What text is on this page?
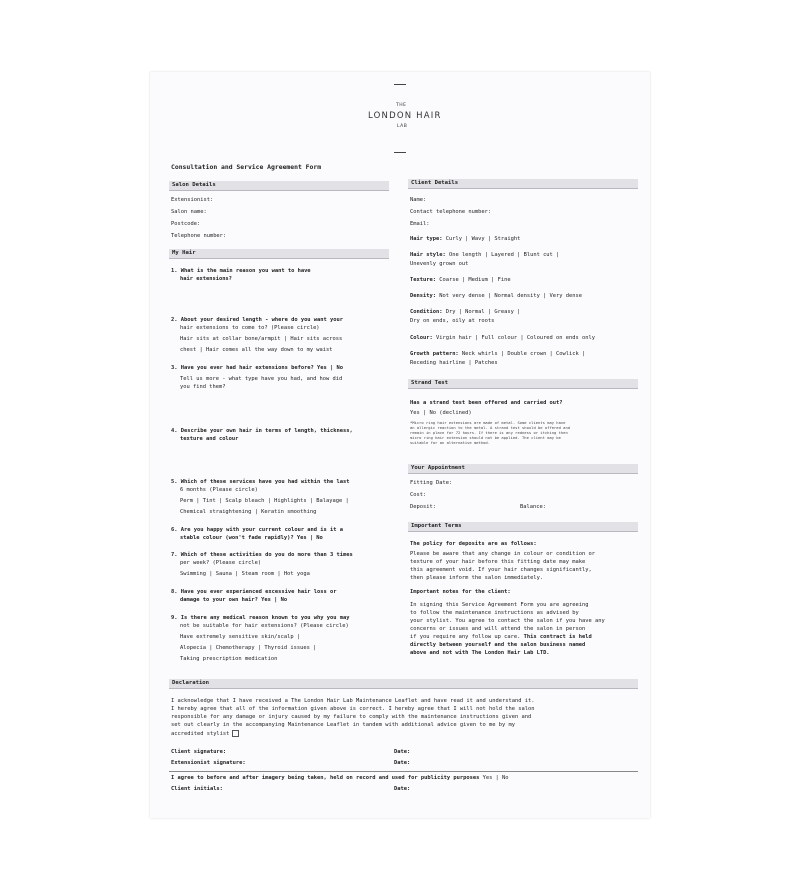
THE
LONDON HAIR
LAB
Consultation and Service Agreement Form
Salon Details
Extensionist:
Salon name:
Postcode:
Telephone number:
My Hair
1. What is the main reason you want to have
hair extensions?
2. About your desired length - where do you want your
hair extensions to come to? (Please circle)
Hair sits at collar bone/armpit | Hair sits across
chest | Hair comes all the way down to my waist
3. Have you ever had hair extensions before? Yes | No
Tell us more - what type have you had, and how did
you find them?
4. Describe your own hair in terms of length, thickness,
texture and colour
5. Which of these services have you had within the last
6 months (Please circle)
Perm | Tint | Scalp bleach | Highlights | Balayage |
Chemical straightening | Keratin smoothing
6. Are you happy with your current colour and is it a
stable colour (won't fade rapidly)? Yes | No
7. Which of these activities do you do more than 3 times
per week? (Please circle)
Swimming | Sauna | Steam room | Hot yoga
8. Have you ever experienced excessive hair loss or
damage to your own hair? Yes | No
9. Is there any medical reason known to you why you may
not be suitable for hair extensions? (Please circle)
Have extremely sensitive skin/scalp |
Alopecia | Chemotherapy | Thyroid issues |
Taking prescription medication
Client Details
Name:
Contact telephone number:
Email:
Hair type: Curly | Wavy | Straight
Hair style: One length | Layered | Blunt cut |
Unevenly grown out
Texture: Coarse | Medium | Fine
Density: Not very dense | Normal density | Very dense
Condition: Dry | Normal | Greasy |
Dry on ends, oily at roots
Colour: Virgin hair | Full colour | Coloured on ends only
Growth pattern: Neck whirls | Double crown | Cowlick |
Receding hairline | Patches
Strand Test
Has a strand test been offered and carried out?
Yes | No (declined)
*Micro ring hair extensions are made of metal. Some clients may have
an allergic reaction to the metal. A strand test should be offered and
remain in place for 72 hours. If there is any redness or itching then
micro ring hair extension should not be applied. The client may be
suitable for an alternative method.
Your Appointment
Fitting Date:
Cost:
Deposit:	Balance:
Important Terms
The policy for deposits are as follows:
Please be aware that any change in colour or condition or
texture of your hair before this fitting date may make
this agreement void. If your hair changes significantly,
then please inform the salon immediately.
Important notes for the client:
In signing this Service Agreement Form you are agreeing
to follow the maintenance instructions as advised by
your stylist. You agree to contact the salon if you have any
concerns or issues and will attend the salon in person
if you require any follow up care. This contract is held
directly between yourself and the salon business named
above and not with The London Hair Lab LTD.
Declaration
I acknowledge that I have received a The London Hair Lab Maintenance Leaflet and have read it and understand it.
I hereby agree that all of the information given above is correct. I hereby agree that I will not hold the salon
responsible for any damage or injury caused by my failure to comply with the maintenance instructions given and
set out clearly in the accompanying Maintenance Leaflet in tandem with additional advice given to me by my
accredited stylist
Client signature:	Date:
Extensionist signature:	Date:
I agree to before and after imagery being taken, held on record and used for publicity purposes Yes | No
Client initials:	Date:
